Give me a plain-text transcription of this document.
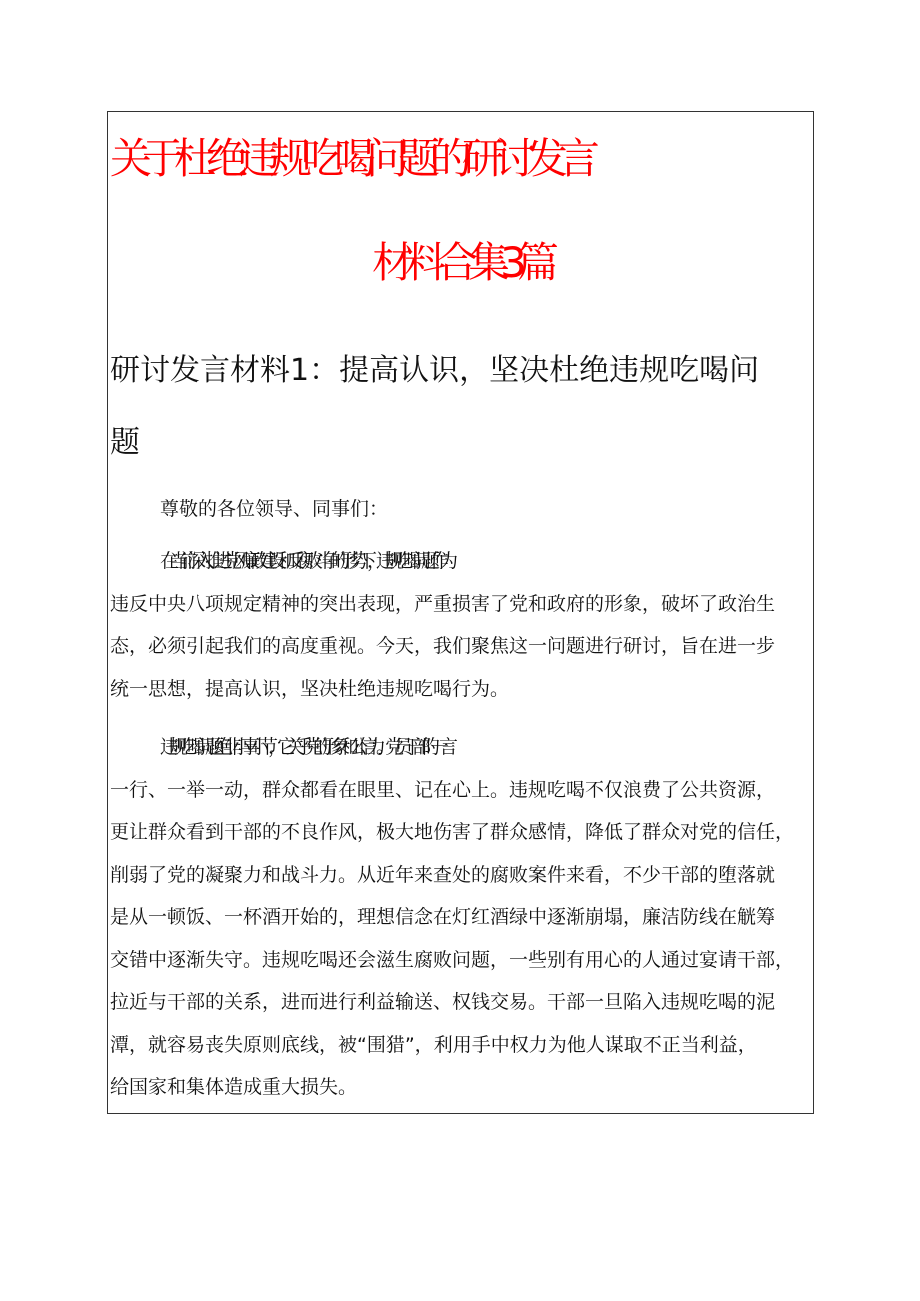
关于杜绝违规吃喝问题的研讨发言
材料合集3篇
研讨发言材料1：提高认识，坚决杜绝违规吃喝问
题
尊敬的各位领导、同事们：
在当前深入推进党风廉政建设和反腐败斗争的形势下，违规吃喝问题作为
违反中央八项规定精神的突出表现，严重损害了党和政府的形象，破坏了政治生
态，必须引起我们的高度重视。今天，我们聚焦这一问题进行研讨，旨在进一步
统一思想，提高认识，坚决杜绝违规吃喝行为。
违规吃喝问题绝非小事小节，它关乎党的形象和公信力。党员干部的一言
一行、一举一动，群众都看在眼里、记在心上。违规吃喝不仅浪费了公共资源，
更让群众看到干部的不良作风，极大地伤害了群众感情，降低了群众对党的信任，
削弱了党的凝聚力和战斗力。从近年来查处的腐败案件来看，不少干部的堕落就
是从一顿饭、一杯酒开始的，理想信念在灯红酒绿中逐渐崩塌，廉洁防线在觥筹
交错中逐渐失守。违规吃喝还会滋生腐败问题，一些别有用心的人通过宴请干部，
拉近与干部的关系，进而进行利益输送、权钱交易。干部一旦陷入违规吃喝的泥
潭，就容易丧失原则底线，被“围猎”，利用手中权力为他人谋取不正当利益，
给国家和集体造成重大损失。
